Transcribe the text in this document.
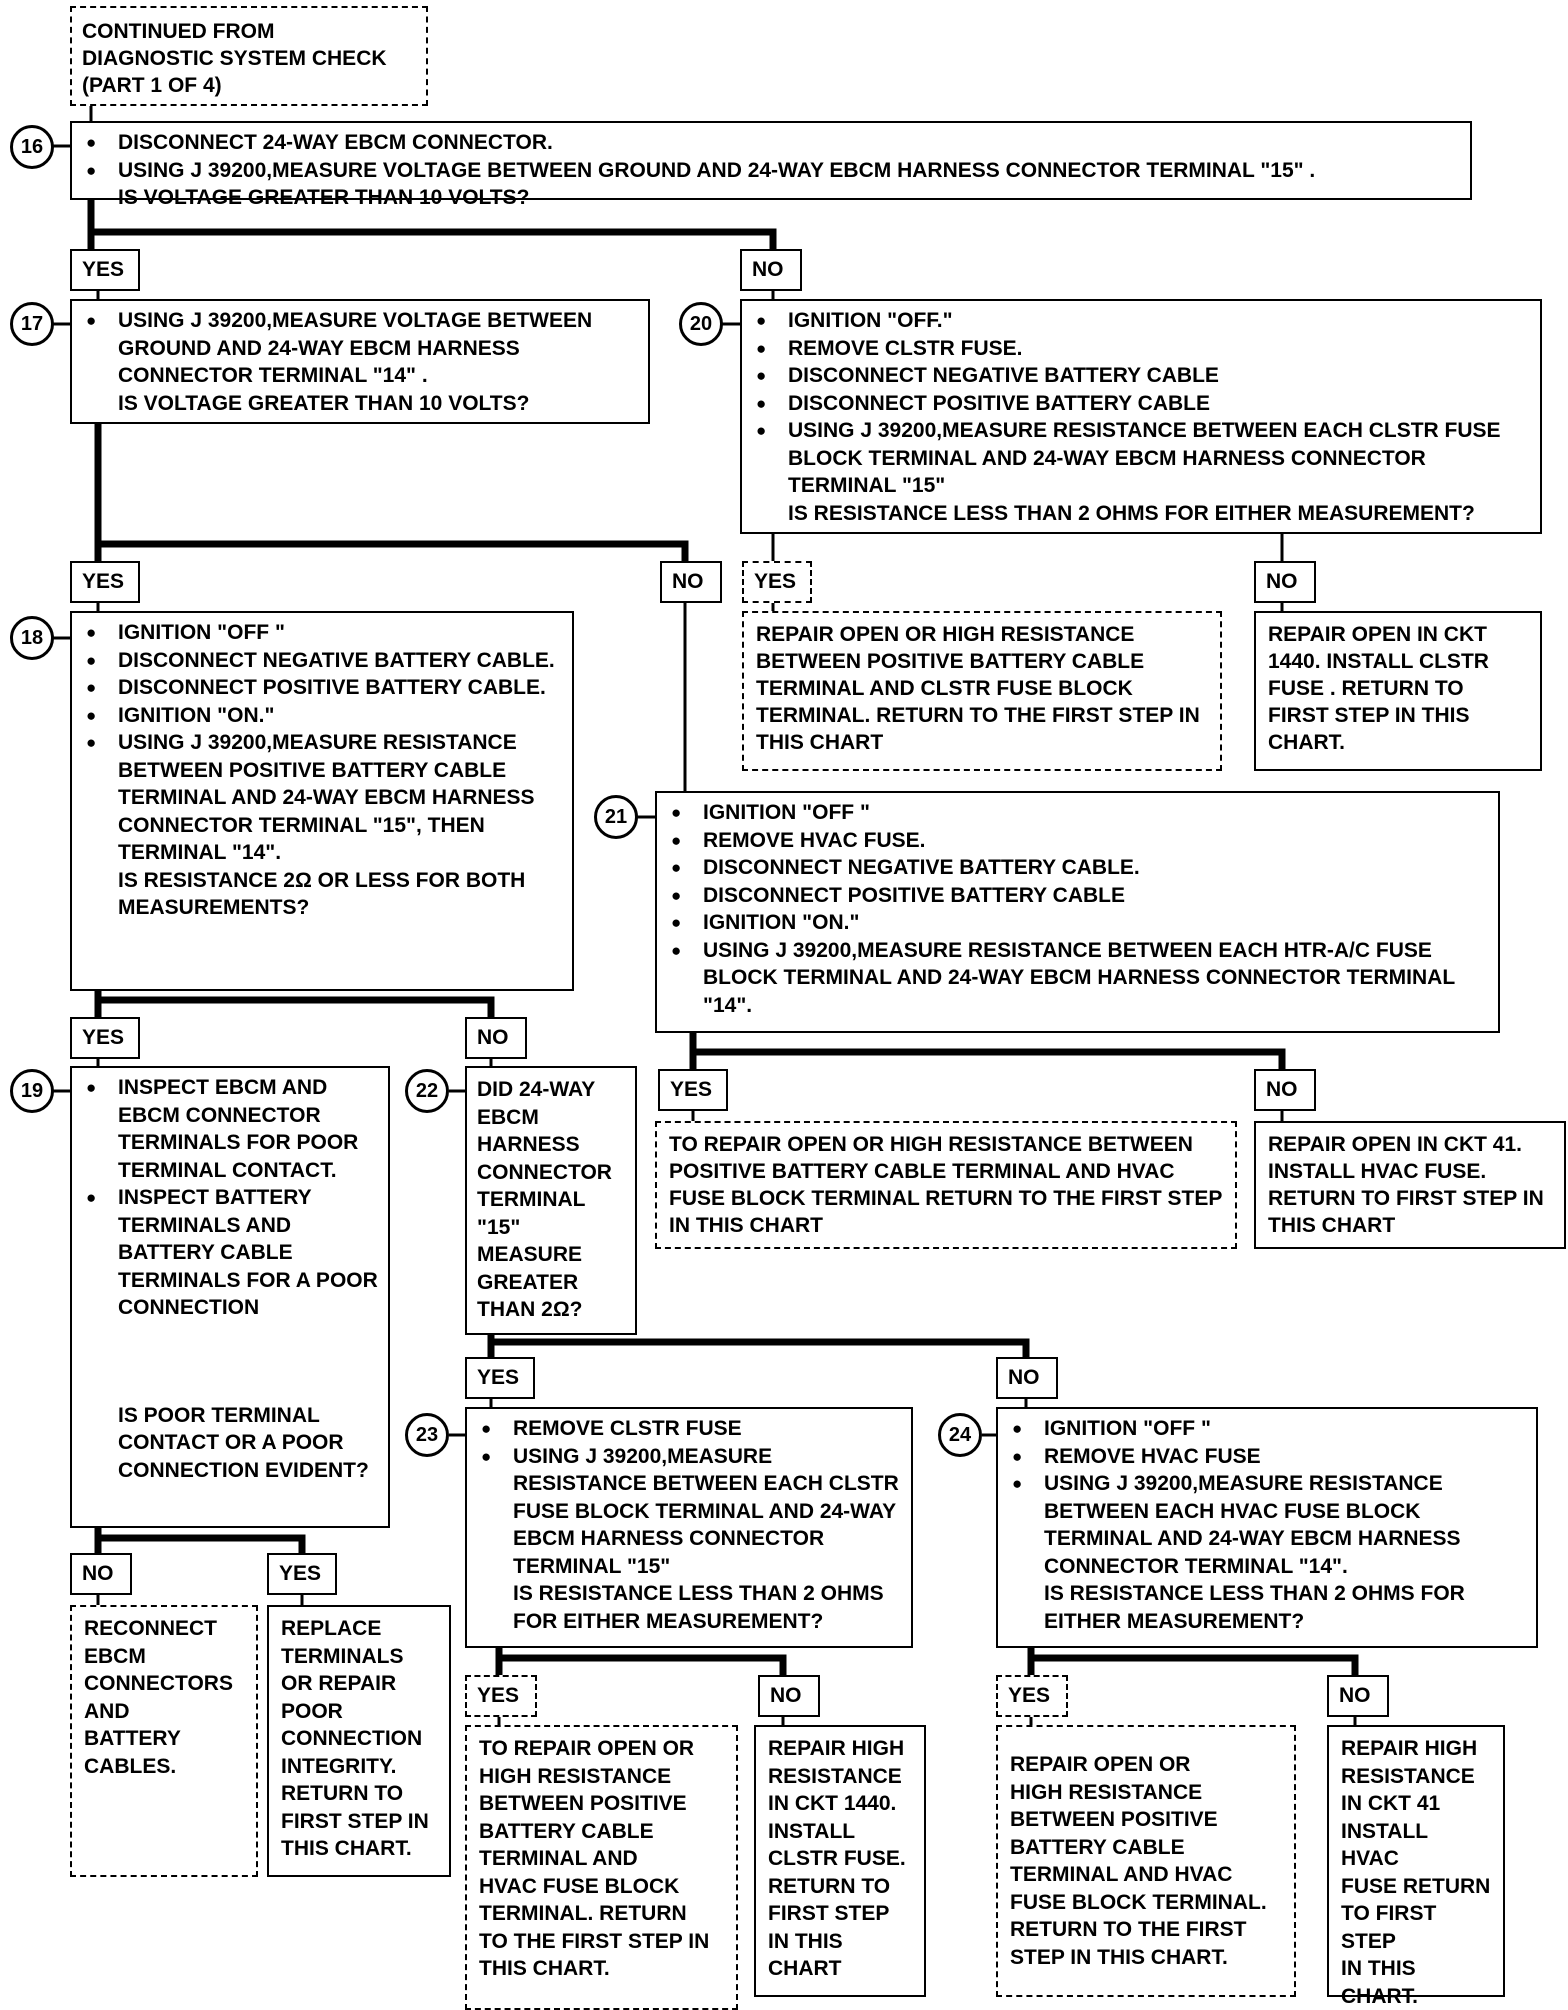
CONTINUED FROM
DIAGNOSTIC SYSTEM CHECK
(PART 1 OF 4)

16	● DISCONNECT 24-WAY EBCM CONNECTOR.
● USING J 39200,MEASURE VOLTAGE BETWEEN GROUND AND 24-WAY EBCM HARNESS CONNECTOR TERMINAL "15" .

IS VOLTAGE GREATER THAN 10 VOLTS?

YES	NO
17	● USING J 39200,MEASURE VOLTAGE BETWEEN GROUND AND 24-WAY EBCM HARNESS CONNECTOR TERMINAL "14" .

IS VOLTAGE GREATER THAN 10 VOLTS?

20	● IGNITION "OFF."
● REMOVE CLSTR FUSE.
● DISCONNECT NEGATIVE BATTERY CABLE
● DISCONNECT POSITIVE BATTERY CABLE
● USING J 39200,MEASURE RESISTANCE BETWEEN EACH CLSTR FUSE BLOCK TERMINAL AND 24-WAY EBCM HARNESS CONNECTOR TERMINAL "15"

IS RESISTANCE LESS THAN 2 OHMS FOR EITHER MEASUREMENT?

YES	NO	YES	NO

REPAIR OPEN OR HIGH RESISTANCE BETWEEN POSITIVE BATTERY CABLE TERMINAL AND CLSTR FUSE BLOCK TERMINAL. RETURN TO THE FIRST STEP IN THIS CHART

REPAIR OPEN IN CKT 1440. INSTALL CLSTR FUSE . RETURN TO FIRST STEP IN THIS CHART.

18	● IGNITION "OFF "
● DISCONNECT NEGATIVE BATTERY CABLE.
● DISCONNECT POSITIVE BATTERY CABLE.
● IGNITION "ON."
● USING J 39200,MEASURE RESISTANCE BETWEEN POSITIVE BATTERY CABLE TERMINAL AND 24-WAY EBCM HARNESS CONNECTOR TERMINAL "15", THEN TERMINAL "14".

IS RESISTANCE 2Ω OR LESS FOR BOTH MEASUREMENTS?

21	● IGNITION "OFF "
● REMOVE HVAC FUSE.
● DISCONNECT NEGATIVE BATTERY CABLE.
● DISCONNECT POSITIVE BATTERY CABLE
● IGNITION "ON."
● USING J 39200,MEASURE RESISTANCE BETWEEN EACH HTR-A/C FUSE BLOCK TERMINAL AND 24-WAY EBCM HARNESS CONNECTOR TERMINAL "14".
YES	NO
YES	NO

TO REPAIR OPEN OR HIGH RESISTANCE BETWEEN POSITIVE BATTERY CABLE TERMINAL AND HVAC FUSE BLOCK TERMINAL RETURN TO THE FIRST STEP IN THIS CHART

REPAIR OPEN IN CKT 41. INSTALL HVAC FUSE. RETURN TO FIRST STEP IN THIS CHART

19	● INSPECT EBCM AND EBCM CONNECTOR TERMINALS FOR POOR TERMINAL CONTACT.
● INSPECT BATTERY TERMINALS AND BATTERY CABLE TERMINALS FOR A POOR CONNECTION

IS POOR TERMINAL CONTACT OR A POOR CONNECTION EVIDENT?

22	DID 24-WAY
EBCM
HARNESS
CONNECTOR
TERMINAL
"15"
MEASURE
GREATER
THAN 2Ω?

YES	NO
23	● REMOVE CLSTR FUSE
● USING J 39200,MEASURE RESISTANCE BETWEEN EACH CLSTR FUSE BLOCK TERMINAL AND 24-WAY EBCM HARNESS CONNECTOR TERMINAL "15"

IS RESISTANCE LESS THAN 2 OHMS FOR EITHER MEASUREMENT?

24	● IGNITION "OFF "
● REMOVE HVAC FUSE
● USING J 39200,MEASURE RESISTANCE BETWEEN EACH HVAC FUSE BLOCK TERMINAL AND 24-WAY EBCM HARNESS CONNECTOR TERMINAL "14".

IS RESISTANCE LESS THAN 2 OHMS FOR EITHER MEASUREMENT?

NO	YES

RECONNECT
EBCM
CONNECTORS
AND
BATTERY
CABLES.

REPLACE
TERMINALS
OR REPAIR
POOR
CONNECTION
INTEGRITY.
RETURN TO
FIRST STEP IN
THIS CHART.

YES	NO

TO REPAIR OPEN OR
HIGH RESISTANCE
BETWEEN POSITIVE
BATTERY CABLE
TERMINAL AND
HVAC FUSE BLOCK
TERMINAL. RETURN
TO THE FIRST STEP IN
THIS CHART.

REPAIR HIGH
RESISTANCE
IN CKT 1440.
INSTALL
CLSTR FUSE.
RETURN TO
FIRST STEP
IN THIS
CHART

YES	NO

REPAIR OPEN OR
HIGH RESISTANCE
BETWEEN POSITIVE
BATTERY CABLE
TERMINAL AND HVAC
FUSE BLOCK TERMINAL.
RETURN TO THE FIRST
STEP IN THIS CHART.

REPAIR HIGH
RESISTANCE
IN CKT 41
INSTALL HVAC
FUSE RETURN
TO FIRST STEP
IN THIS
CHART.
